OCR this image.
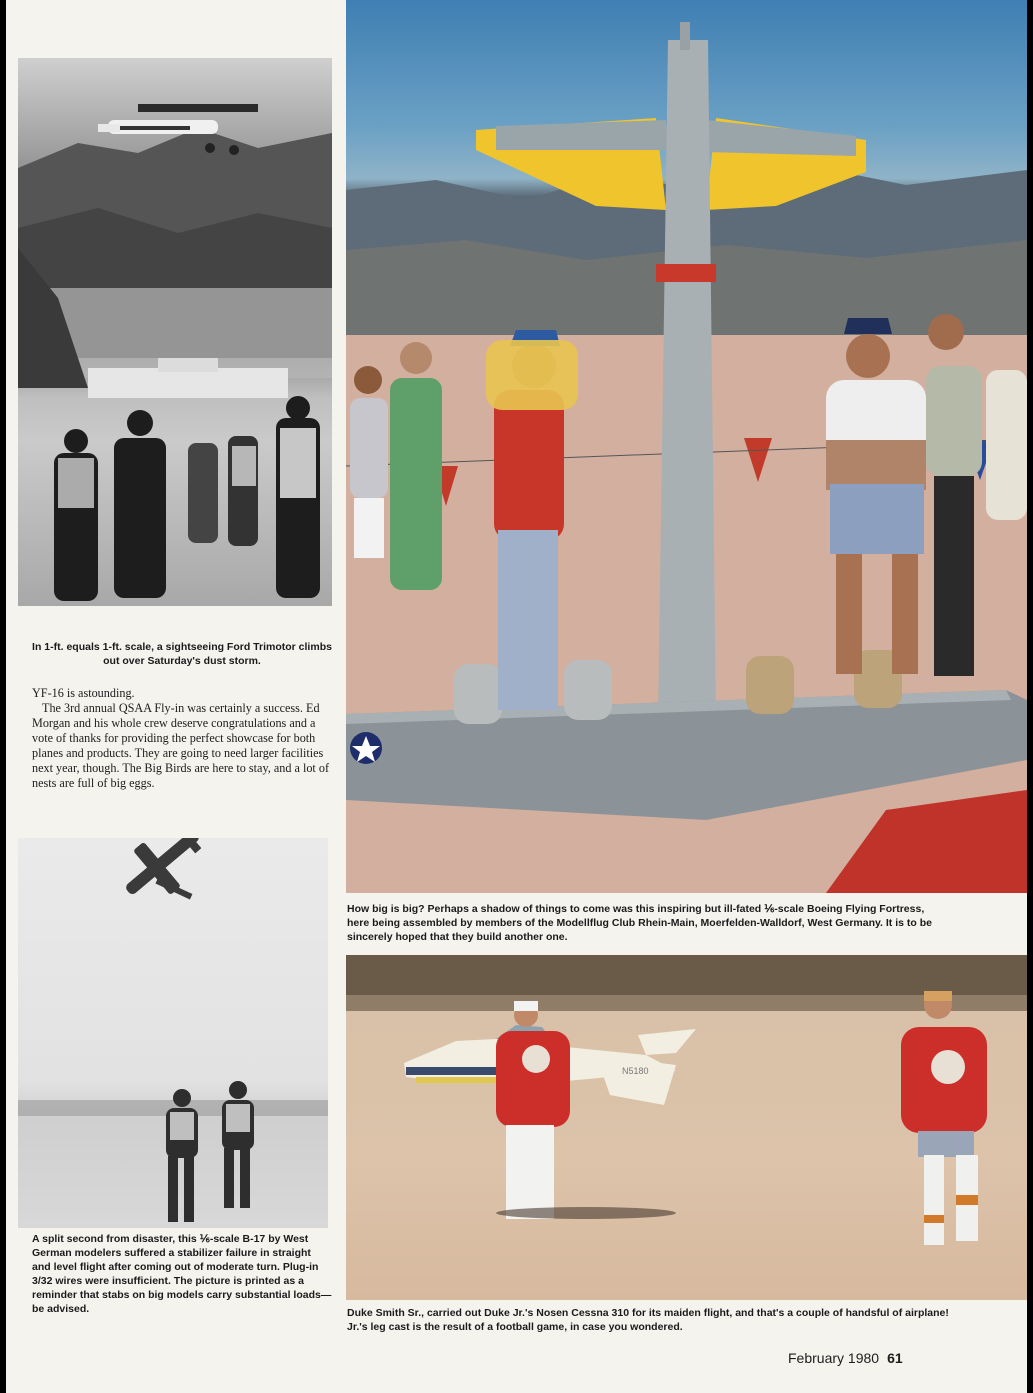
In 1-ft. equals 1-ft. scale, a sightseeing Ford Trimotor climbs out over Saturday's dust storm.

YF-16 is astounding.

The 3rd annual QSAA Fly-in was certainly a success. Ed Morgan and his whole crew deserve congratulations and a vote of thanks for providing the perfect showcase for both planes and products. They are going to need larger facilities next year, though. The Big Birds are here to stay, and a lot of nests are full of big eggs.

A split second from disaster, this ⅙-scale B-17 by West German modelers suffered a stabilizer failure in straight and level flight after coming out of moderate turn. Plug-in 3/32 wires were insufficient. The picture is printed as a reminder that stabs on big models carry substantial loads—be advised.
How big is big? Perhaps a shadow of things to come was this inspiring but ill-fated ⅙-scale Boeing Flying Fortress, here being assembled by members of the Modellflug Club Rhein-Main, Moerfelden-Walldorf, West Germany. It is to be sincerely hoped that they build another one.
N5180
Duke Smith Sr., carried out Duke Jr.'s Nosen Cessna 310 for its maiden flight, and that's a couple of handsful of airplane! Jr.'s leg cast is the result of a football game, in case you wondered.
February 1980 61
